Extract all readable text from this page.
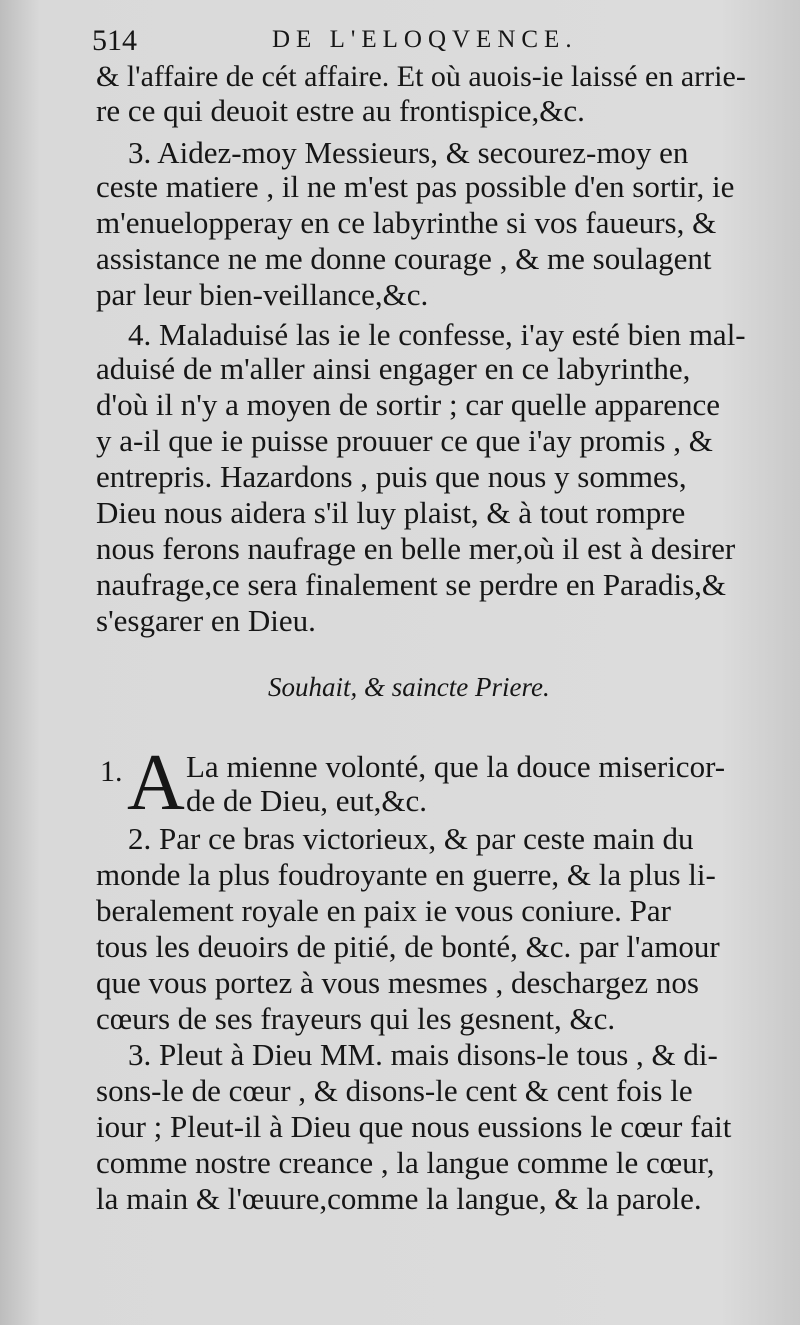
514	DE L'ELOQVENCE.
& l'affaire de cét affaire. Et où auois-ie laissé en arrie-
re ce qui deuoit estre au frontispice,&c.
3. Aidez-moy Messieurs, & secourez-moy en
ceste matiere , il ne m'est pas possible d'en sortir, ie
m'enuelopperay en ce labyrinthe si vos faueurs, &
assistance ne me donne courage , & me soulagent
par leur bien-veillance,&c.
4. Maladuisé las ie le confesse, i'ay esté bien mal-
aduisé de m'aller ainsi engager en ce labyrinthe,
d'où il n'y a moyen de sortir ; car quelle apparence
y a-il que ie puisse prouuer ce que i'ay promis , &
entrepris. Hazardons , puis que nous y sommes,
Dieu nous aidera s'il luy plaist, & à tout rompre
nous ferons naufrage en belle mer,où il est à desirer
naufrage,ce sera finalement se perdre en Paradis,&
s'esgarer en Dieu.
Souhait, & saincte Priere.
1. A La mienne volonté, que la douce misericor-
de de Dieu, eut,&c.
2. Par ce bras victorieux, & par ceste main du
monde la plus foudroyante en guerre, & la plus li-
beralement royale en paix ie vous coniure. Par
tous les deuoirs de pitié, de bonté, &c. par l'amour
que vous portez à vous mesmes , deschargez nos
cœurs de ses frayeurs qui les gesnent, &c.
3. Pleut à Dieu MM. mais disons-le tous , & di-
sons-le de cœur , & disons-le cent & cent fois le
iour ; Pleut-il à Dieu que nous eussions le cœur fait
comme nostre creance , la langue comme le cœur,
la main & l'œuure,comme la langue, & la parole.
